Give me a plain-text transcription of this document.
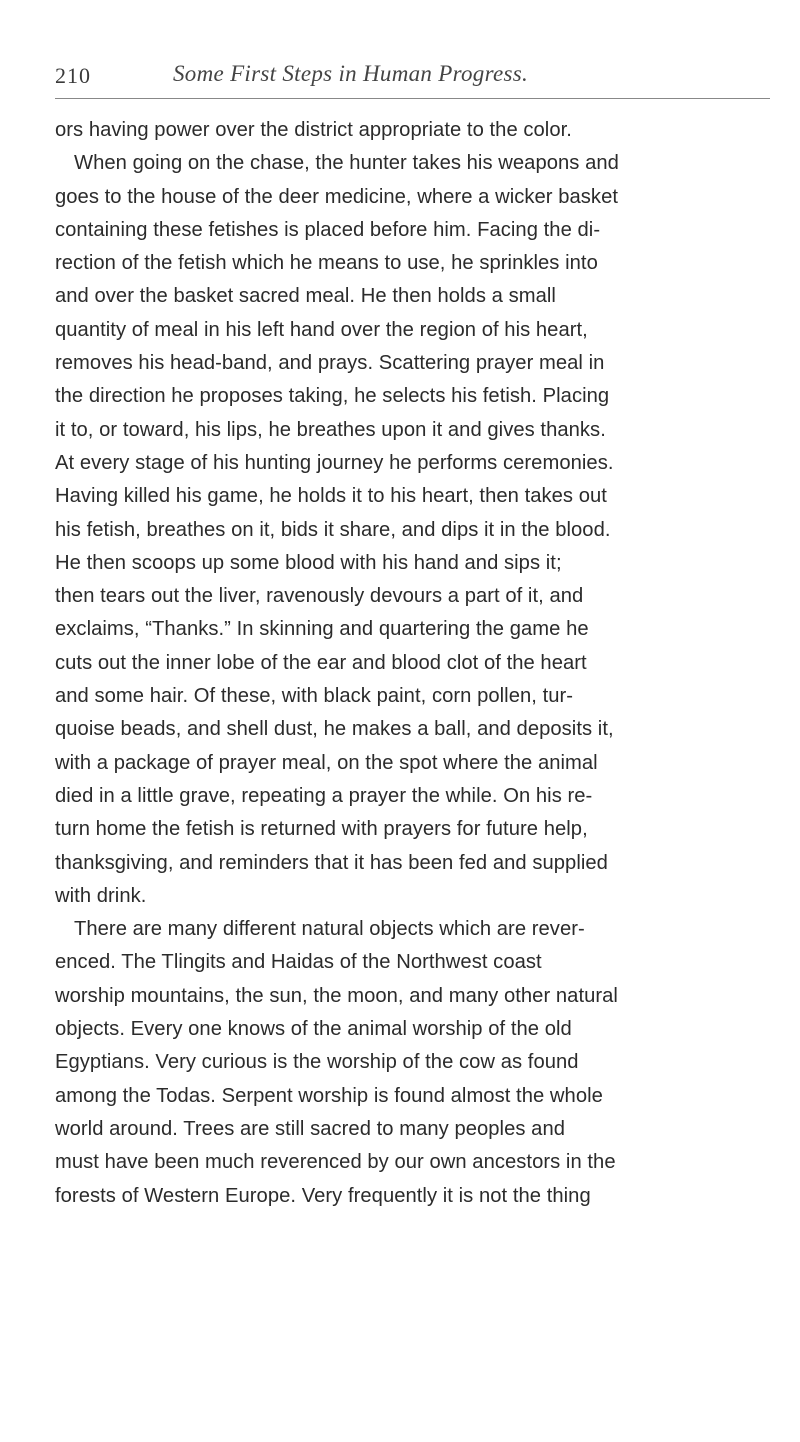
210	Some First Steps in Human Progress.
ors having power over the district appropriate to the color.
When going on the chase, the hunter takes his weapons and
goes to the house of the deer medicine, where a wicker basket
containing these fetishes is placed before him. Facing the di-
rection of the fetish which he means to use, he sprinkles into
and over the basket sacred meal. He then holds a small
quantity of meal in his left hand over the region of his heart,
removes his head-band, and prays. Scattering prayer meal in
the direction he proposes taking, he selects his fetish. Placing
it to, or toward, his lips, he breathes upon it and gives thanks.
At every stage of his hunting journey he performs ceremonies.
Having killed his game, he holds it to his heart, then takes out
his fetish, breathes on it, bids it share, and dips it in the blood.
He then scoops up some blood with his hand and sips it;
then tears out the liver, ravenously devours a part of it, and
exclaims, “Thanks.” In skinning and quartering the game he
cuts out the inner lobe of the ear and blood clot of the heart
and some hair. Of these, with black paint, corn pollen, tur-
quoise beads, and shell dust, he makes a ball, and deposits it,
with a package of prayer meal, on the spot where the animal
died in a little grave, repeating a prayer the while. On his re-
turn home the fetish is returned with prayers for future help,
thanksgiving, and reminders that it has been fed and supplied
with drink.
There are many different natural objects which are rever-
enced. The Tlingits and Haidas of the Northwest coast
worship mountains, the sun, the moon, and many other natural
objects. Every one knows of the animal worship of the old
Egyptians. Very curious is the worship of the cow as found
among the Todas. Serpent worship is found almost the whole
world around. Trees are still sacred to many peoples and
must have been much reverenced by our own ancestors in the
forests of Western Europe. Very frequently it is not the thing
